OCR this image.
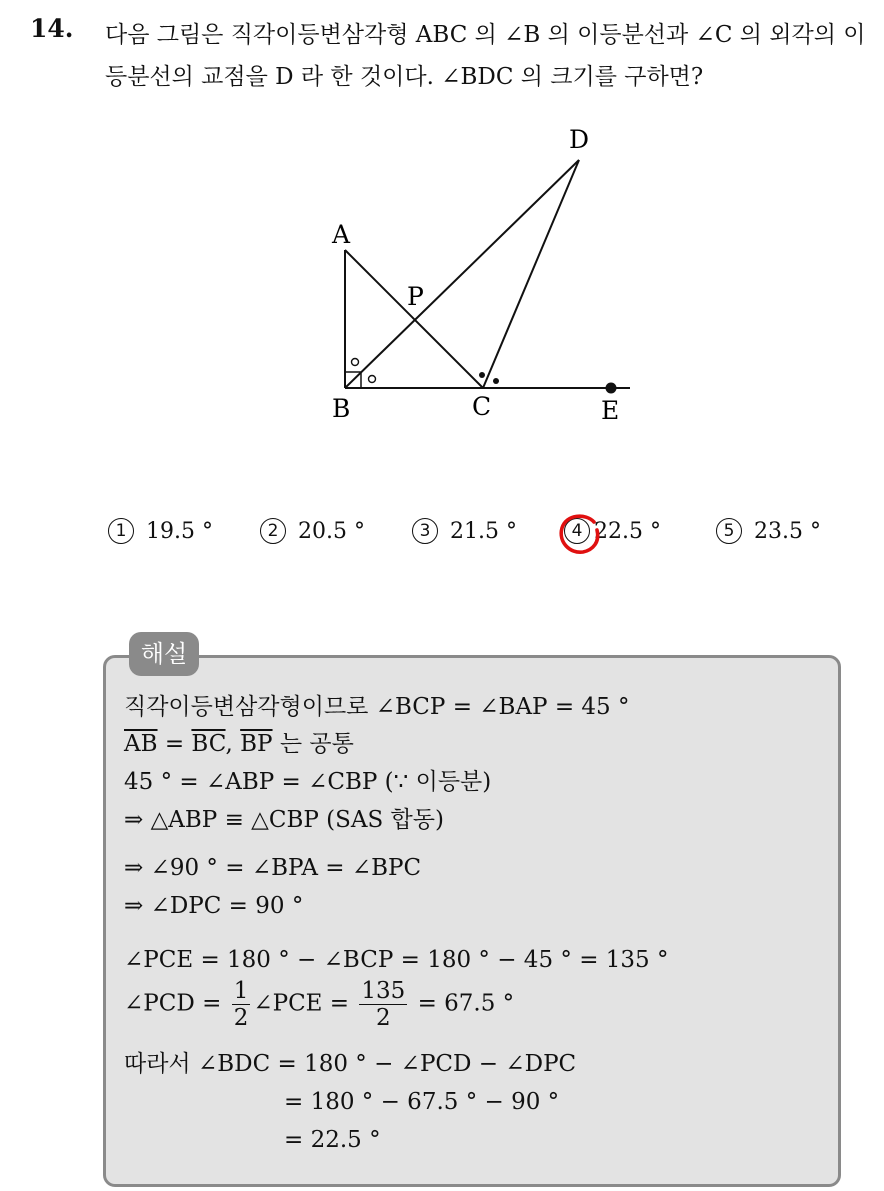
14. 다음 그림은 직각이등변삼각형 ABC 의 ∠B 의 이등분선과 ∠C 의 외각의 이등분선의 교점을 D 라 한 것이다. ∠BDC 의 크기를 구하면?
A
B	C
D
E
P
1 19.5 °	2 20.5 °	3 21.5 °	4 22.5 °	5 23.5 °
해설
직각이등변삼각형이므로 ∠BCP = ∠BAP = 45 °
$\overline{AB} = \overline{BC}$, $\overline{BP}$ 는 공통
45 ° = ∠ABP = ∠CBP (∵ 이등분)
⇒ △ABP ≡ △CBP (SAS 합동)
⇒ ∠90 ° = ∠BPA = ∠BPC
⇒ ∠DPC = 90 °
∠PCE = 180 ° − ∠BCP = 180 ° − 45 ° = 135 °
∠PCD = $\frac{1}{2}$ ∠PCE = $\frac{135}{2} = 67.5$ °
따라서 ∠BDC = 180 ° − ∠PCD − ∠DPC
= 180 ° − 67.5 ° − 90 °
= 22.5 °
